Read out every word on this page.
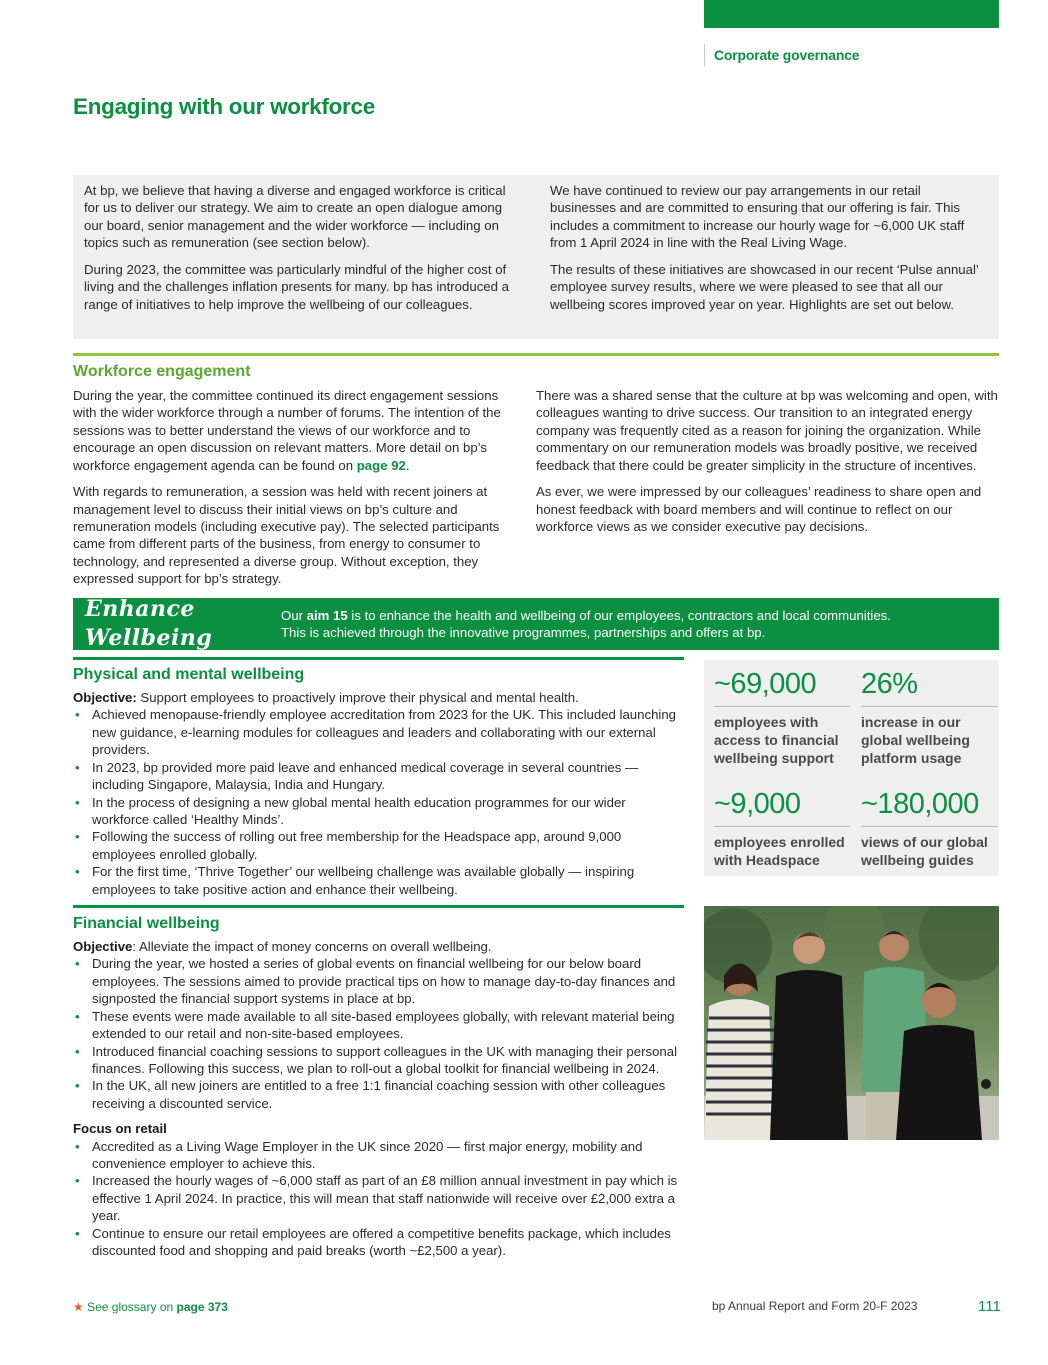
Corporate governance
Engaging with our workforce

At bp, we believe that having a diverse and engaged workforce is critical for us to deliver our strategy. We aim to create an open dialogue among our board, senior management and the wider workforce — including on topics such as remuneration (see section below).

During 2023, the committee was particularly mindful of the higher cost of living and the challenges inflation presents for many. bp has introduced a range of initiatives to help improve the wellbeing of our colleagues.

We have continued to review our pay arrangements in our retail businesses and are committed to ensuring that our offering is fair. This includes a commitment to increase our hourly wage for ~6,000 UK staff from 1 April 2024 in line with the Real Living Wage.

The results of these initiatives are showcased in our recent ‘Pulse annual’ employee survey results, where we were pleased to see that all our wellbeing scores improved year on year. Highlights are set out below.

Workforce engagement

During the year, the committee continued its direct engagement sessions with the wider workforce through a number of forums. The intention of the sessions was to better understand the views of our workforce and to encourage an open discussion on relevant matters. More detail on bp’s workforce engagement agenda can be found on page 92.

With regards to remuneration, a session was held with recent joiners at management level to discuss their initial views on bp’s culture and remuneration models (including executive pay). The selected participants came from different parts of the business, from energy to consumer to technology, and represented a diverse group. Without exception, they expressed support for bp’s strategy.

There was a shared sense that the culture at bp was welcoming and open, with colleagues wanting to drive success. Our transition to an integrated energy company was frequently cited as a reason for joining the organization. While commentary on our remuneration models was broadly positive, we received feedback that there could be greater simplicity in the structure of incentives.

As ever, we were impressed by our colleagues’ readiness to share open and honest feedback with board members and will continue to reflect on our workforce views as we consider executive pay decisions.

Enhance Wellbeing
Our aim 15 is to enhance the health and wellbeing of our employees, contractors and local communities.
This is achieved through the innovative programmes, partnerships and offers at bp.
Physical and mental wellbeing

Objective: Support employees to proactively improve their physical and mental health.

• Achieved menopause-friendly employee accreditation from 2023 for the UK. This included launching new guidance, e-learning modules for colleagues and leaders and collaborating with our external providers.
• In 2023, bp provided more paid leave and enhanced medical coverage in several countries — including Singapore, Malaysia, India and Hungary.
• In the process of designing a new global mental health education programmes for our wider workforce called ‘Healthy Minds’.
• Following the success of rolling out free membership for the Headspace app, around 9,000 employees enrolled globally.
• For the first time, ‘Thrive Together’ our wellbeing challenge was available globally — inspiring employees to take positive action and enhance their wellbeing.
Financial wellbeing

Objective: Alleviate the impact of money concerns on overall wellbeing.

• During the year, we hosted a series of global events on financial wellbeing for our below board employees. The sessions aimed to provide practical tips on how to manage day-to-day finances and signposted the financial support systems in place at bp.
• These events were made available to all site-based employees globally, with relevant material being extended to our retail and non-site-based employees.
• Introduced financial coaching sessions to support colleagues in the UK with managing their personal finances. Following this success, we plan to roll-out a global toolkit for financial wellbeing in 2024.
• In the UK, all new joiners are entitled to a free 1:1 financial coaching session with other colleagues receiving a discounted service.

Focus on retail

• Accredited as a Living Wage Employer in the UK since 2020 — first major energy, mobility and convenience employer to achieve this.
• Increased the hourly wages of ~6,000 staff as part of an £8 million annual investment in pay which is effective 1 April 2024. In practice, this will mean that staff nationwide will receive over £2,000 extra a year.
• Continue to ensure our retail employees are offered a competitive benefits package, which includes discounted food and shopping and paid breaks (worth ~£2,500 a year).
~69,000
employees with access to financial wellbeing support
26%
increase in our global wellbeing platform usage
~9,000
employees enrolled with Headspace
~180,000
views of our global wellbeing guides
★ See glossary on page 373	bp Annual Report and Form 20-F 2023	111
